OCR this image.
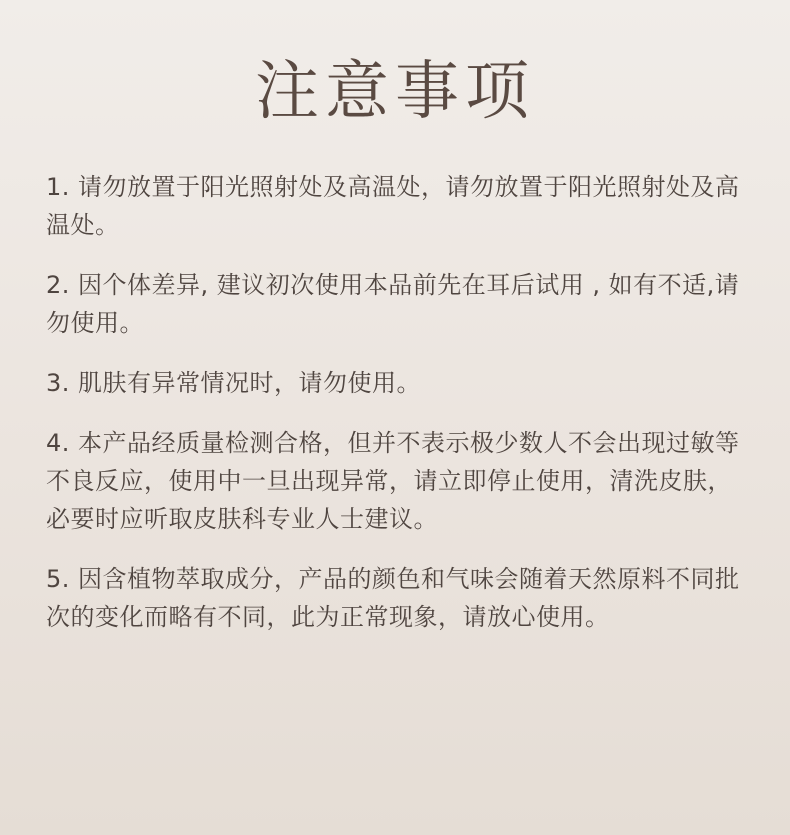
注意事项
1. 请勿放置于阳光照射处及高温处，请勿放置于阳光照射处及高温处。
2. 因个体差异, 建议初次使用本品前先在耳后试用 , 如有不适,请勿使用。
3. 肌肤有异常情况时，请勿使用。
4. 本产品经质量检测合格，但并不表示极少数人不会出现过敏等不良反应，使用中一旦出现异常，请立即停止使用，清洗皮肤，必要时应听取皮肤科专业人士建议。
5. 因含植物萃取成分，产品的颜色和气味会随着天然原料不同批次的变化而略有不同，此为正常现象，请放心使用。
